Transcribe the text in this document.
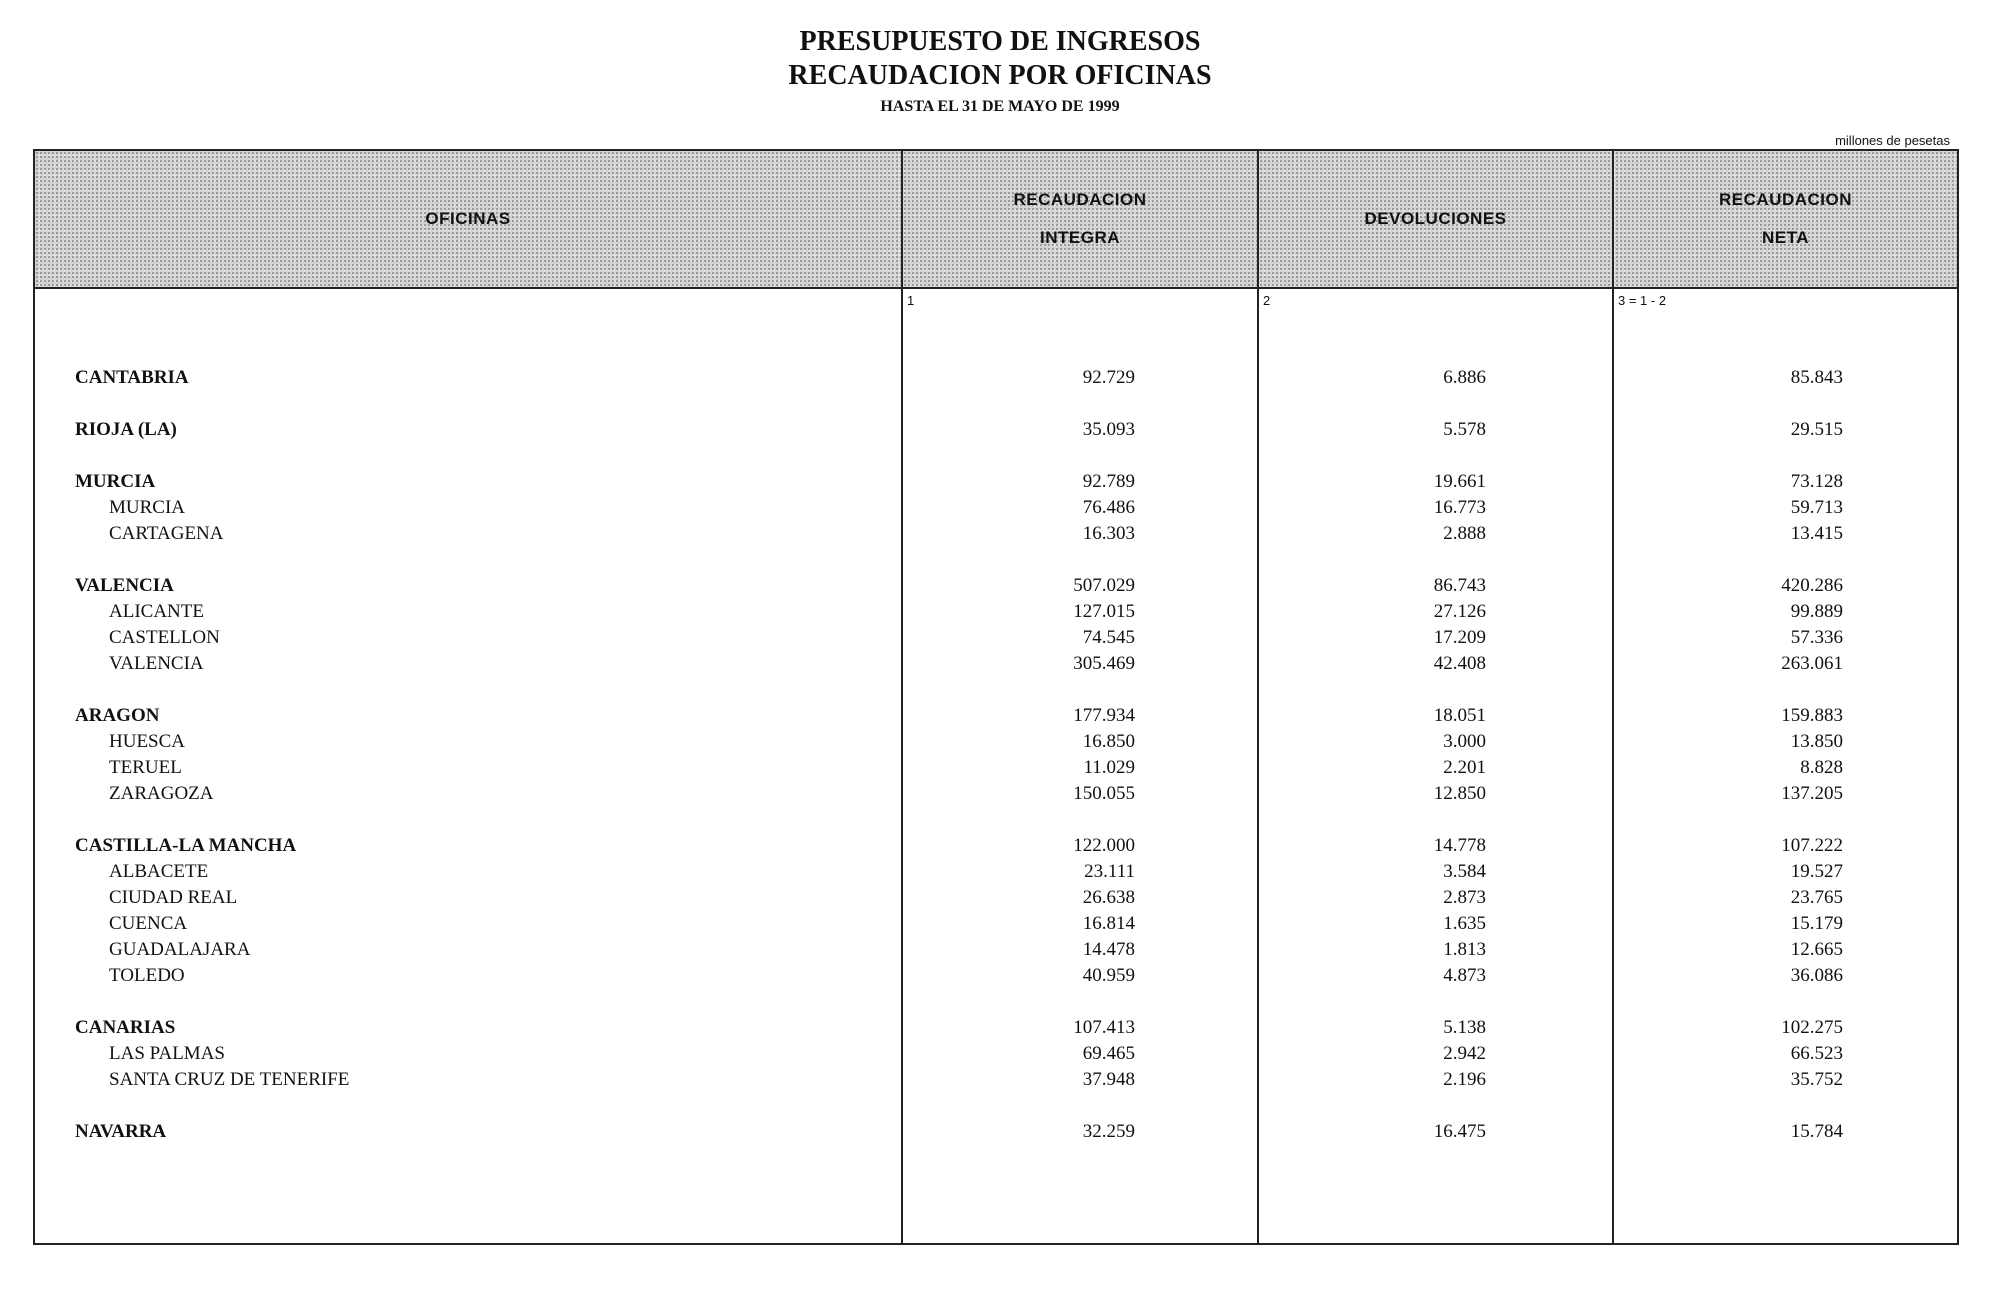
PRESUPUESTO DE INGRESOS
RECAUDACION POR OFICINAS
HASTA EL 31 DE MAYO DE 1999
millones de pesetas
OFICINAS
RECAUDACION
INTEGRA
DEVOLUCIONES
RECAUDACION
NETA
1	2	3 = 1 - 2
CANTABRIA	92.729	6.886	85.843
RIOJA (LA)	35.093	5.578	29.515
MURCIA	92.789	19.661	73.128
MURCIA	76.486	16.773	59.713
CARTAGENA	16.303	2.888	13.415
VALENCIA	507.029	86.743	420.286
ALICANTE	127.015	27.126	99.889
CASTELLON	74.545	17.209	57.336
VALENCIA	305.469	42.408	263.061
ARAGON	177.934	18.051	159.883
HUESCA	16.850	3.000	13.850
TERUEL	11.029	2.201	8.828
ZARAGOZA	150.055	12.850	137.205
CASTILLA-LA MANCHA	122.000	14.778	107.222
ALBACETE	23.111	3.584	19.527
CIUDAD REAL	26.638	2.873	23.765
CUENCA	16.814	1.635	15.179
GUADALAJARA	14.478	1.813	12.665
TOLEDO	40.959	4.873	36.086
CANARIAS	107.413	5.138	102.275
LAS PALMAS	69.465	2.942	66.523
SANTA CRUZ DE TENERIFE	37.948	2.196	35.752
NAVARRA	32.259	16.475	15.784
